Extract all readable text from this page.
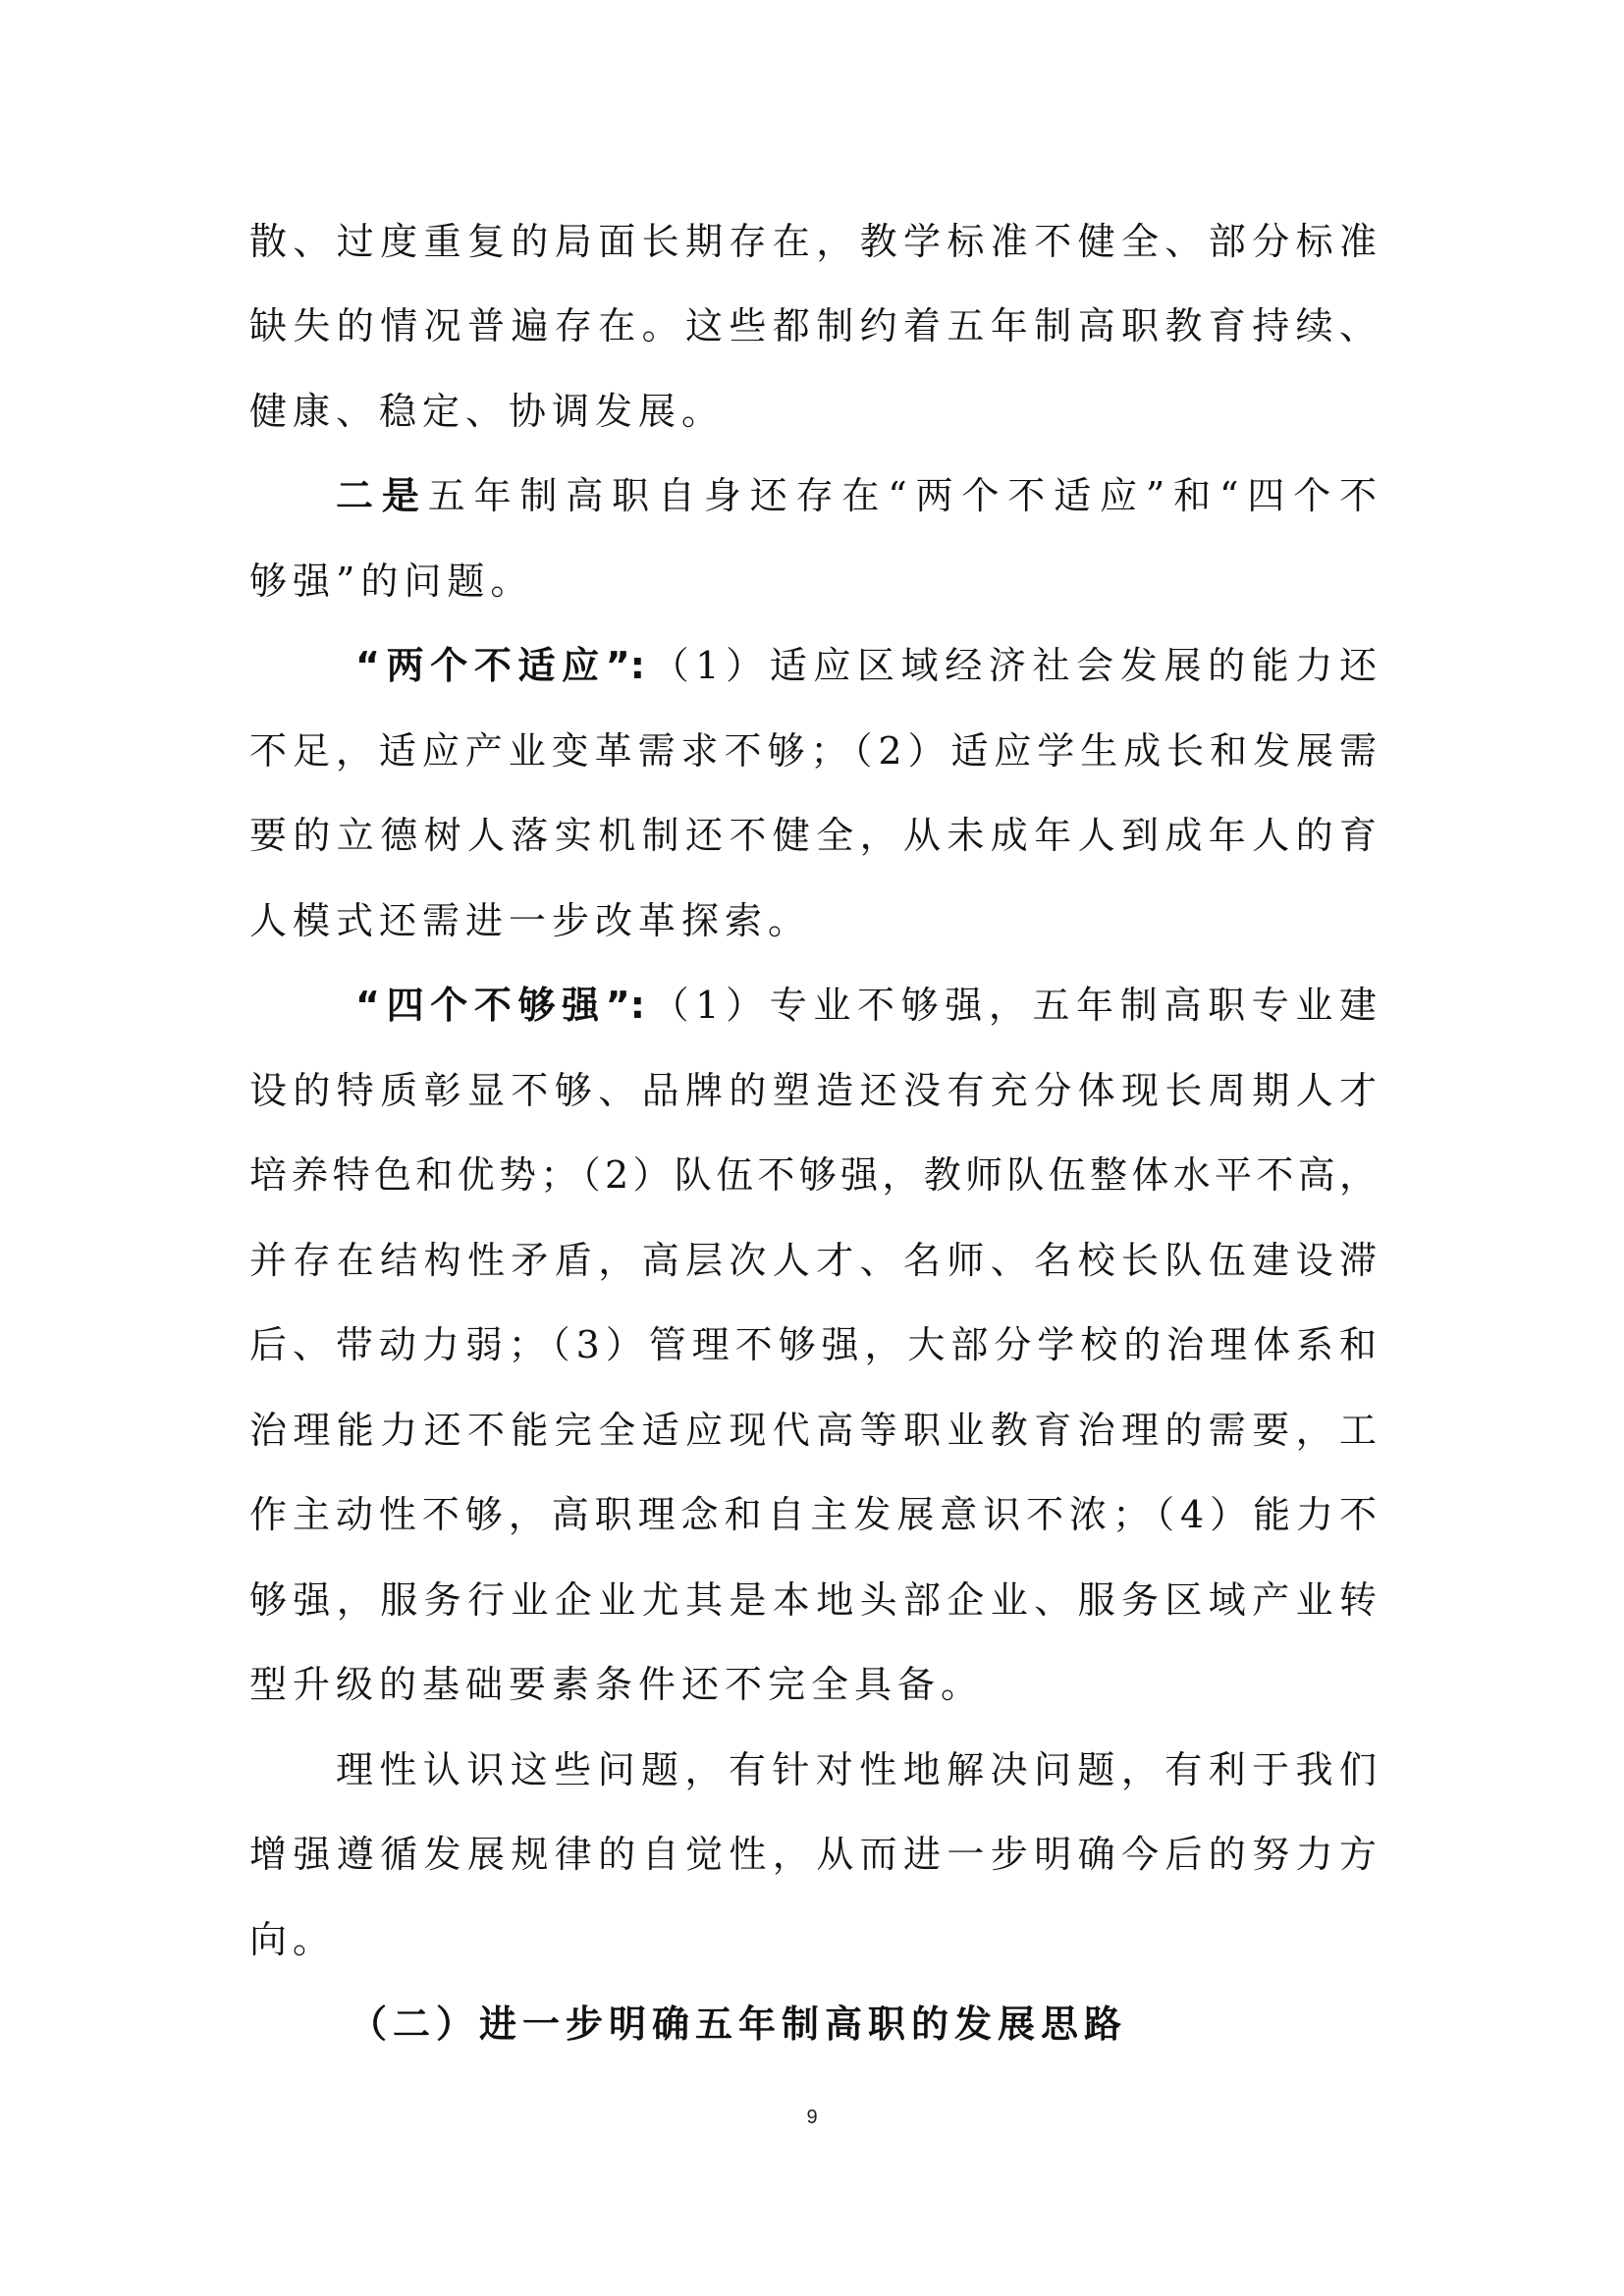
散、过度重复的局面长期存在，教学标准不健全、部分标准
缺失的情况普遍存在。这些都制约着五年制高职教育持续、
健康、稳定、协调发展。
二是五年制高职自身还存在“两个不适应”和“四个不
够强”的问题。
“两个不适应”:（1）适应区域经济社会发展的能力还
不足，适应产业变革需求不够；（2）适应学生成长和发展需
要的立德树人落实机制还不健全，从未成年人到成年人的育
人模式还需进一步改革探索。
“四个不够强”:（1）专业不够强，五年制高职专业建
设的特质彰显不够、品牌的塑造还没有充分体现长周期人才
培养特色和优势；（2）队伍不够强，教师队伍整体水平不高，
并存在结构性矛盾，高层次人才、名师、名校长队伍建设滞
后、带动力弱；（3）管理不够强，大部分学校的治理体系和
治理能力还不能完全适应现代高等职业教育治理的需要，工
作主动性不够，高职理念和自主发展意识不浓；（4）能力不
够强，服务行业企业尤其是本地头部企业、服务区域产业转
型升级的基础要素条件还不完全具备。
理性认识这些问题，有针对性地解决问题，有利于我们
增强遵循发展规律的自觉性，从而进一步明确今后的努力方
向。
（二）进一步明确五年制高职的发展思路
9
